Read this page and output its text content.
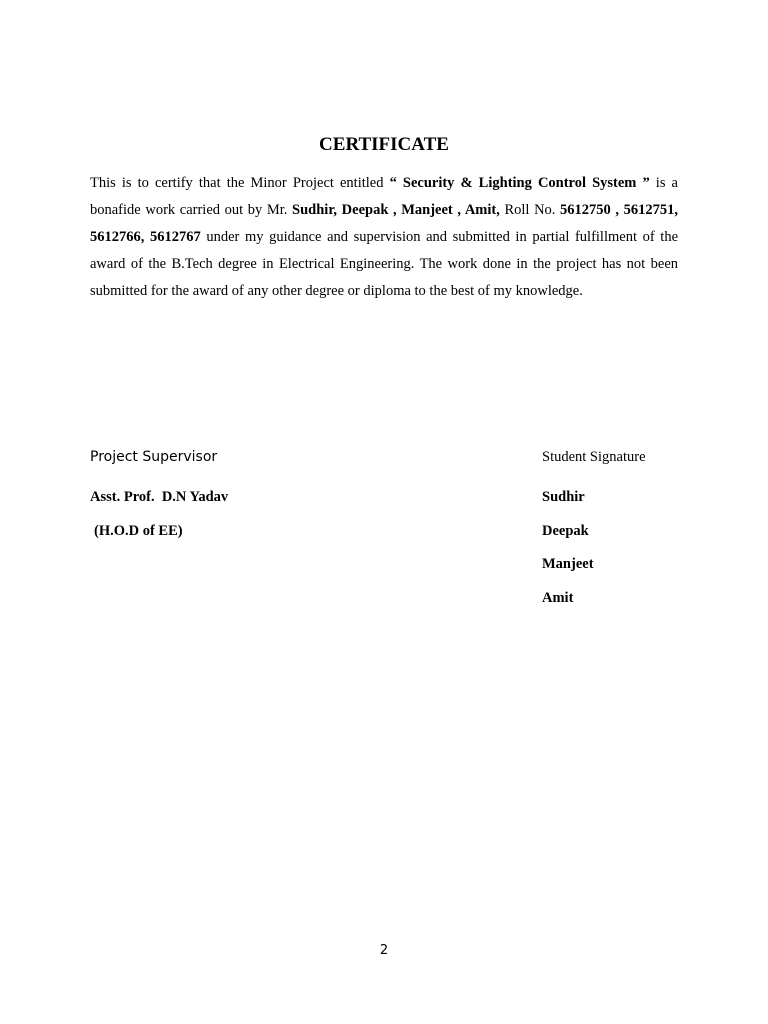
CERTIFICATE
This is to certify that the Minor Project entitled “ Security & Lighting Control System ” is a bonafide work carried out by Mr. Sudhir, Deepak , Manjeet , Amit, Roll No. 5612750 , 5612751, 5612766, 5612767 under my guidance and supervision and submitted in partial fulfillment of the award of the B.Tech degree in Electrical Engineering. The work done in the project has not been submitted for the award of any other degree or diploma to the best of my knowledge.
Project Supervisor	Student Signature
Asst. Prof.  D.N Yadav
(H.O.D of EE)
Sudhir
Deepak
Manjeet
Amit
2
